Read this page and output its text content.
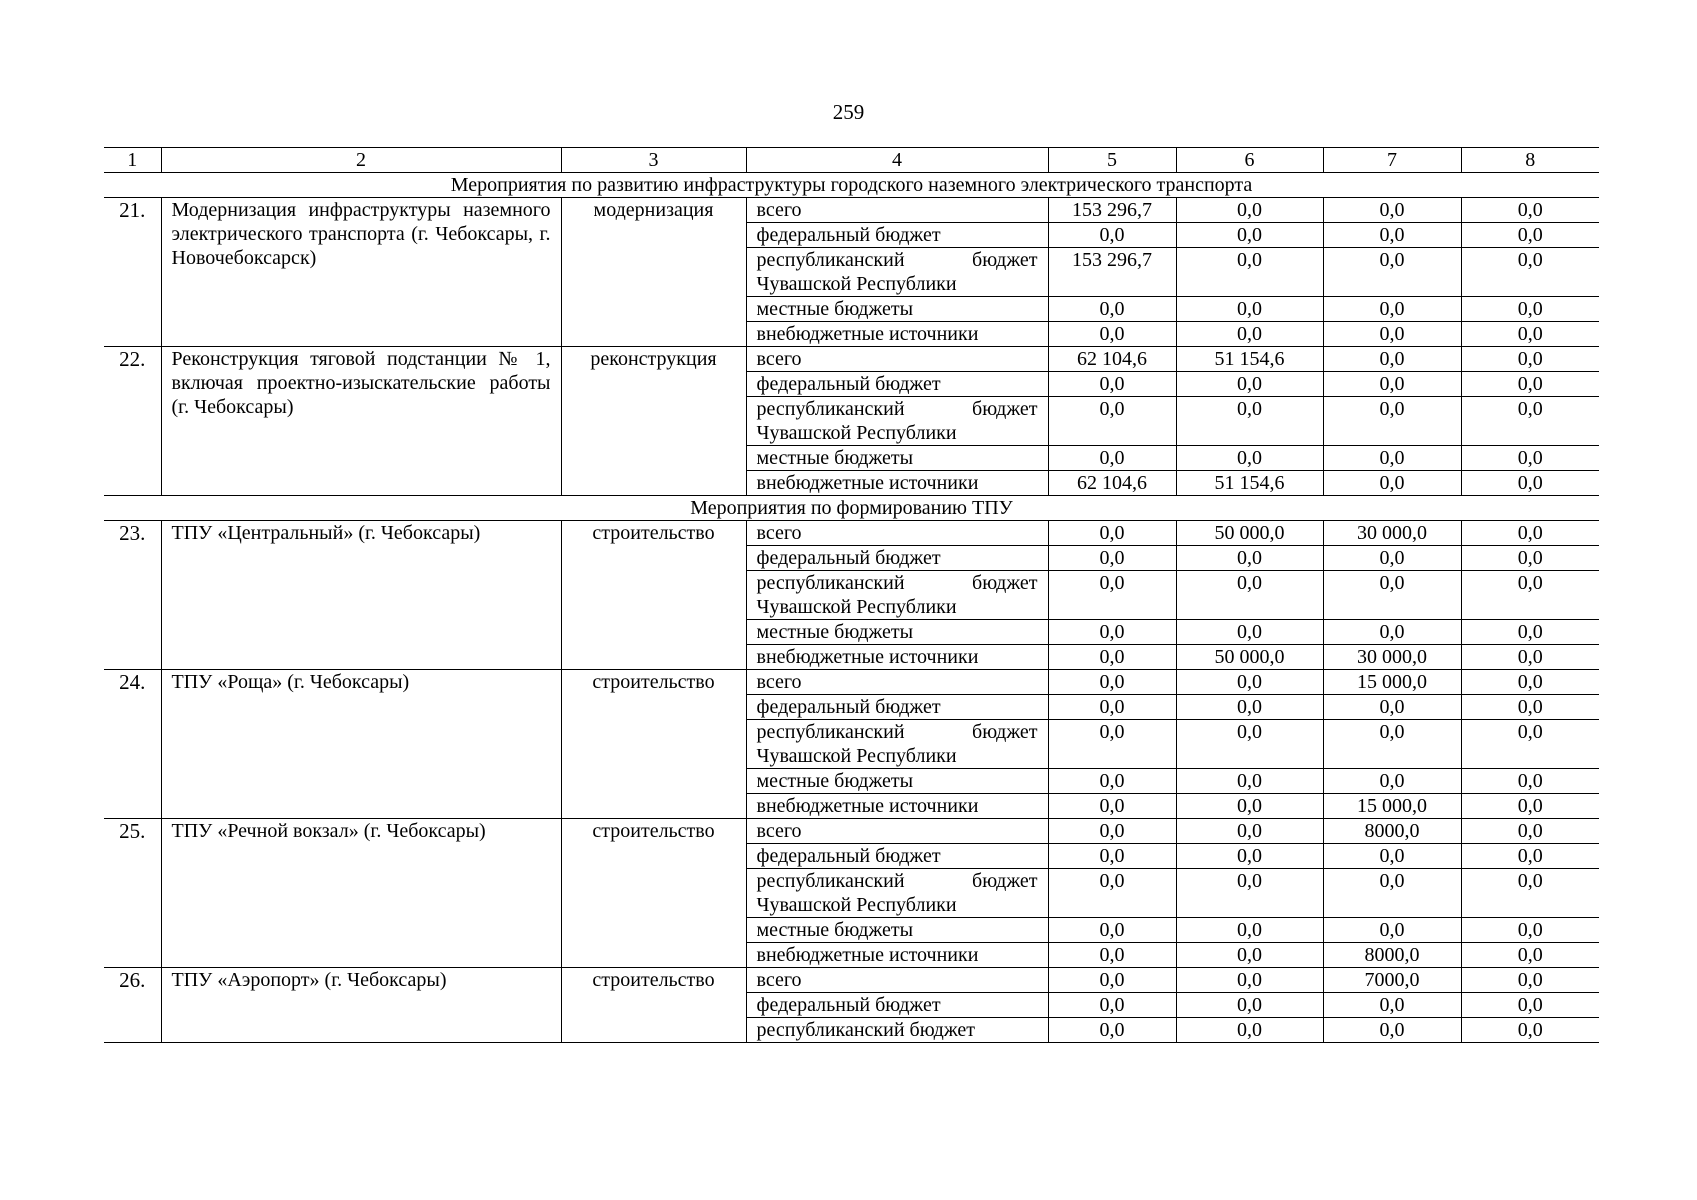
259
1	2	3	4	5	6	7	8
Мероприятия по развитию инфраструктуры городского наземного электрического транспорта							
21.	Модернизация инфраструктуры наземного электрического транспорта (г. Чебоксары, г. Новочебоксарск)	модернизация	всего	153 296,7	0,0	0,0	0,0
			федеральный бюджет	0,0	0,0	0,0	0,0
			республиканский бюджет Чувашской Республики	153 296,7	0,0	0,0	0,0
			местные бюджеты	0,0	0,0	0,0	0,0
			внебюджетные источники	0,0	0,0	0,0	0,0
22.	Реконструкция тяговой подстанции № 1, включая проектно-изыскательские работы (г. Чебоксары)	реконструкция	всего	62 104,6	51 154,6	0,0	0,0
			федеральный бюджет	0,0	0,0	0,0	0,0
			республиканский бюджет Чувашской Республики	0,0	0,0	0,0	0,0
			местные бюджеты	0,0	0,0	0,0	0,0
			внебюджетные источники	62 104,6	51 154,6	0,0	0,0
Мероприятия по формированию ТПУ							
23.	ТПУ «Центральный» (г. Чебоксары)	строительство	всего	0,0	50 000,0	30 000,0	0,0
			федеральный бюджет	0,0	0,0	0,0	0,0
			республиканский бюджет Чувашской Республики	0,0	0,0	0,0	0,0
			местные бюджеты	0,0	0,0	0,0	0,0
			внебюджетные источники	0,0	50 000,0	30 000,0	0,0
24.	ТПУ «Роща» (г. Чебоксары)	строительство	всего	0,0	0,0	15 000,0	0,0
			федеральный бюджет	0,0	0,0	0,0	0,0
			республиканский бюджет Чувашской Республики	0,0	0,0	0,0	0,0
			местные бюджеты	0,0	0,0	0,0	0,0
			внебюджетные источники	0,0	0,0	15 000,0	0,0
25.	ТПУ «Речной вокзал» (г. Чебоксары)	строительство	всего	0,0	0,0	8000,0	0,0
			федеральный бюджет	0,0	0,0	0,0	0,0
			республиканский бюджет Чувашской Республики	0,0	0,0	0,0	0,0
			местные бюджеты	0,0	0,0	0,0	0,0
			внебюджетные источники	0,0	0,0	8000,0	0,0
26.	ТПУ «Аэропорт» (г. Чебоксары)	строительство	всего	0,0	0,0	7000,0	0,0
			федеральный бюджет	0,0	0,0	0,0	0,0
			республиканский бюджет	0,0	0,0	0,0	0,0
